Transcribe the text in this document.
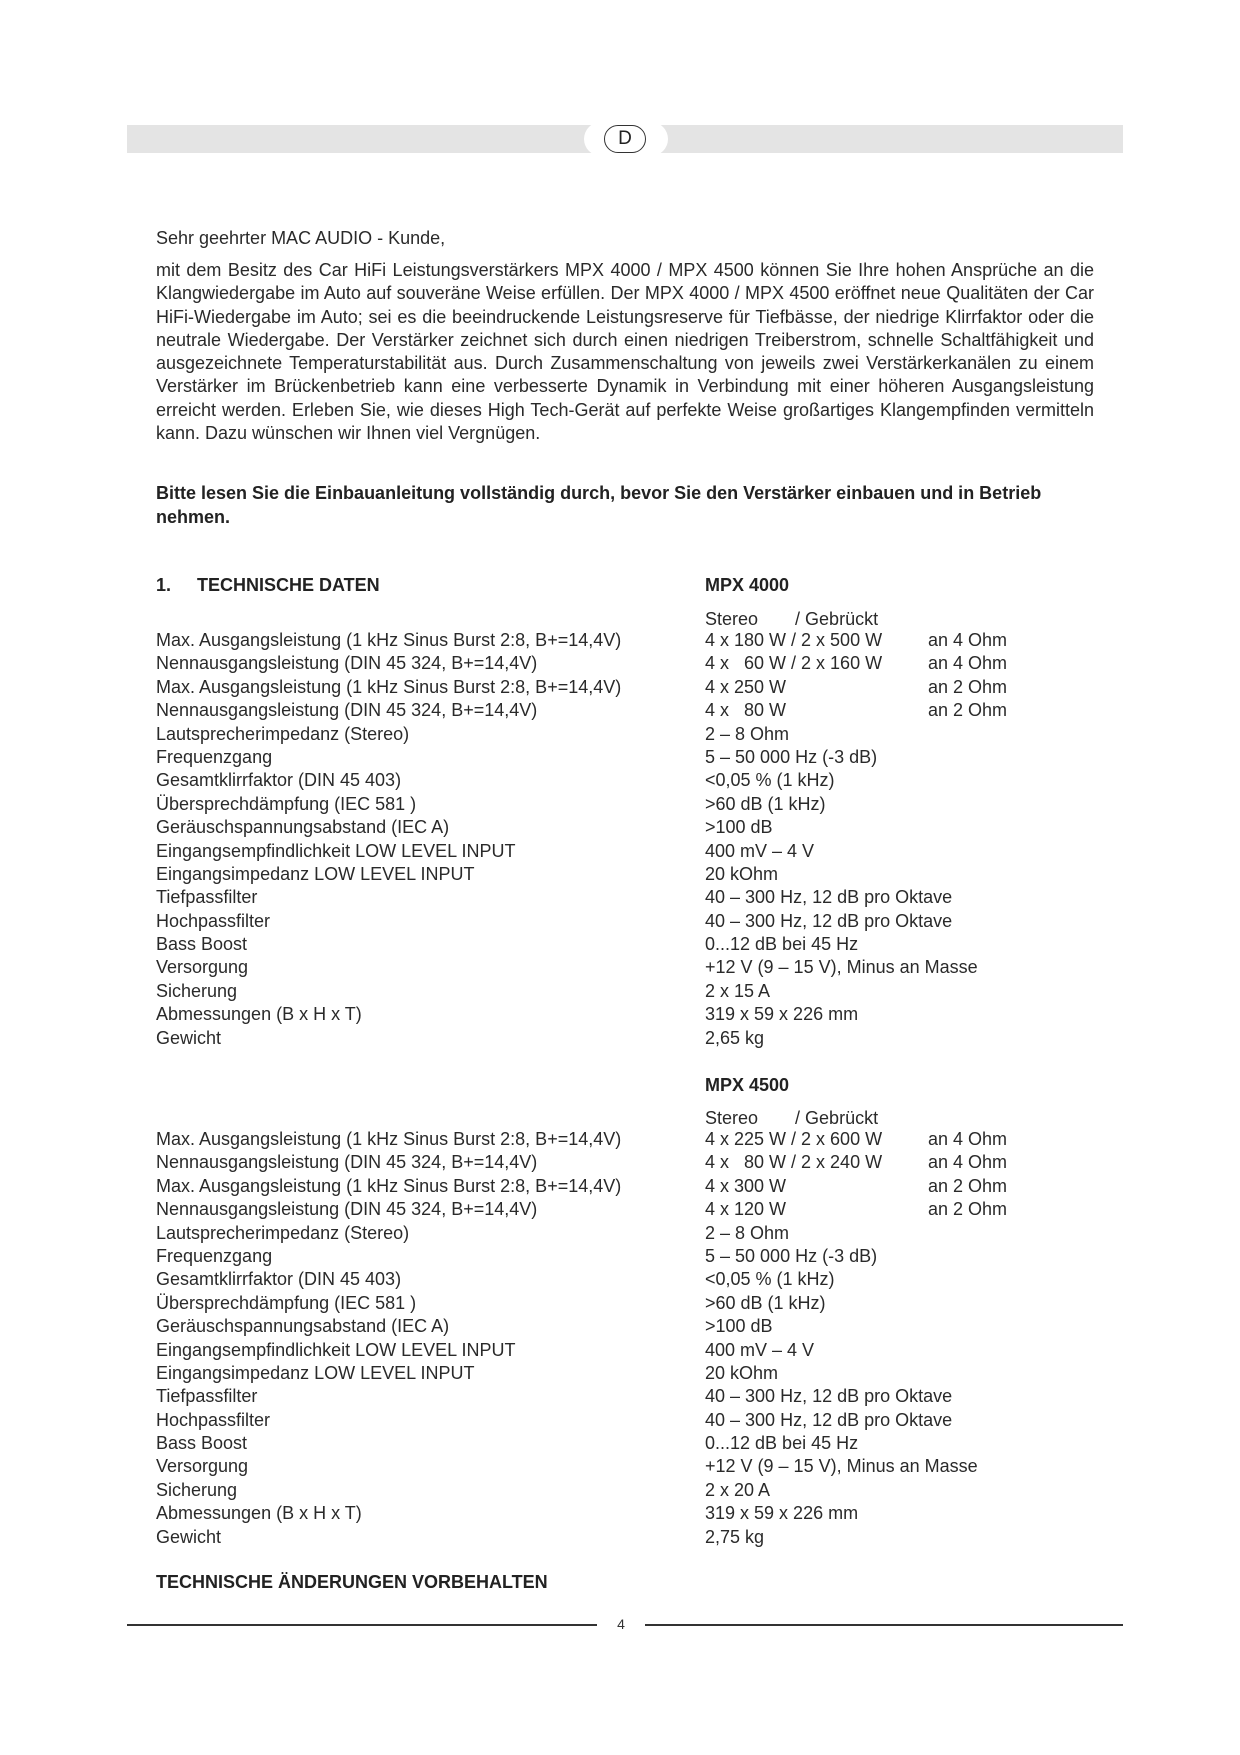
D
Sehr geehrter MAC AUDIO - Kunde,

mit dem Besitz des Car HiFi Leistungsverstärkers MPX 4000 / MPX 4500 können Sie Ihre hohen Ansprüche an die Klangwiedergabe im Auto auf souveräne Weise erfüllen. Der MPX 4000 / MPX 4500 eröffnet neue Qualitäten der Car HiFi-Wiedergabe im Auto; sei es die beeindruckende Leistungsreserve für Tiefbässe, der niedrige Klirrfaktor oder die neutrale Wiedergabe. Der Verstärker zeichnet sich durch einen niedrigen Treiberstrom, schnelle Schaltfähigkeit und ausgezeichnete Temperaturstabilität aus. Durch Zusammenschaltung von jeweils zwei Verstärkerkanälen zu einem Verstärker im Brückenbetrieb kann eine verbesserte Dynamik in Verbindung mit einer höheren Ausgangsleistung erreicht werden. Erleben Sie, wie dieses High Tech-Gerät auf perfekte Weise großartiges Klangempfinden vermitteln kann. Dazu wünschen wir Ihnen viel Vergnügen.

Bitte lesen Sie die Einbauanleitung vollständig durch, bevor Sie den Verstärker einbauen und in Betrieb nehmen.

1. TECHNISCHE DATEN	MPX 4000
Stereo / Gebrückt
Max. Ausgangsleistung (1 kHz Sinus Burst 2:8, B+=14,4V)	4 x 180 W / 2 x 500 W	an 4 Ohm
Nennausgangsleistung (DIN 45 324, B+=14,4V)	4 x   60 W / 2 x 160 W	an 4 Ohm
Max. Ausgangsleistung (1 kHz Sinus Burst 2:8, B+=14,4V)	4 x 250 W	an 2 Ohm
Nennausgangsleistung (DIN 45 324, B+=14,4V)	4 x   80 W	an 2 Ohm
Lautsprecherimpedanz (Stereo)	2 – 8 Ohm
Frequenzgang	5 – 50 000 Hz (-3 dB)
Gesamtklirrfaktor (DIN 45 403)	<0,05 % (1 kHz)
Übersprechdämpfung (IEC 581 )	>60 dB (1 kHz)
Geräuschspannungsabstand (IEC A)	>100 dB
Eingangsempfindlichkeit LOW LEVEL INPUT	400 mV – 4 V
Eingangsimpedanz LOW LEVEL INPUT	20 kOhm
Tiefpassfilter	40 – 300 Hz, 12 dB pro Oktave
Hochpassfilter	40 – 300 Hz, 12 dB pro Oktave
Bass Boost	0...12 dB bei 45 Hz
Versorgung	+12 V (9 – 15 V), Minus an Masse
Sicherung	2 x 15 A
Abmessungen (B x H x T)	319 x 59 x 226 mm
Gewicht	2,65 kg
MPX 4500
Stereo / Gebrückt
Max. Ausgangsleistung (1 kHz Sinus Burst 2:8, B+=14,4V)	4 x 225 W / 2 x 600 W	an 4 Ohm
Nennausgangsleistung (DIN 45 324, B+=14,4V)	4 x   80 W / 2 x 240 W	an 4 Ohm
Max. Ausgangsleistung (1 kHz Sinus Burst 2:8, B+=14,4V)	4 x 300 W	an 2 Ohm
Nennausgangsleistung (DIN 45 324, B+=14,4V)	4 x 120 W	an 2 Ohm
Lautsprecherimpedanz (Stereo)	2 – 8 Ohm
Frequenzgang	5 – 50 000 Hz (-3 dB)
Gesamtklirrfaktor (DIN 45 403)	<0,05 % (1 kHz)
Übersprechdämpfung (IEC 581 )	>60 dB (1 kHz)
Geräuschspannungsabstand (IEC A)	>100 dB
Eingangsempfindlichkeit LOW LEVEL INPUT	400 mV – 4 V
Eingangsimpedanz LOW LEVEL INPUT	20 kOhm
Tiefpassfilter	40 – 300 Hz, 12 dB pro Oktave
Hochpassfilter	40 – 300 Hz, 12 dB pro Oktave
Bass Boost	0...12 dB bei 45 Hz
Versorgung	+12 V (9 – 15 V), Minus an Masse
Sicherung	2 x 20 A
Abmessungen (B x H x T)	319 x 59 x 226 mm
Gewicht	2,75 kg
TECHNISCHE ÄNDERUNGEN VORBEHALTEN
4
